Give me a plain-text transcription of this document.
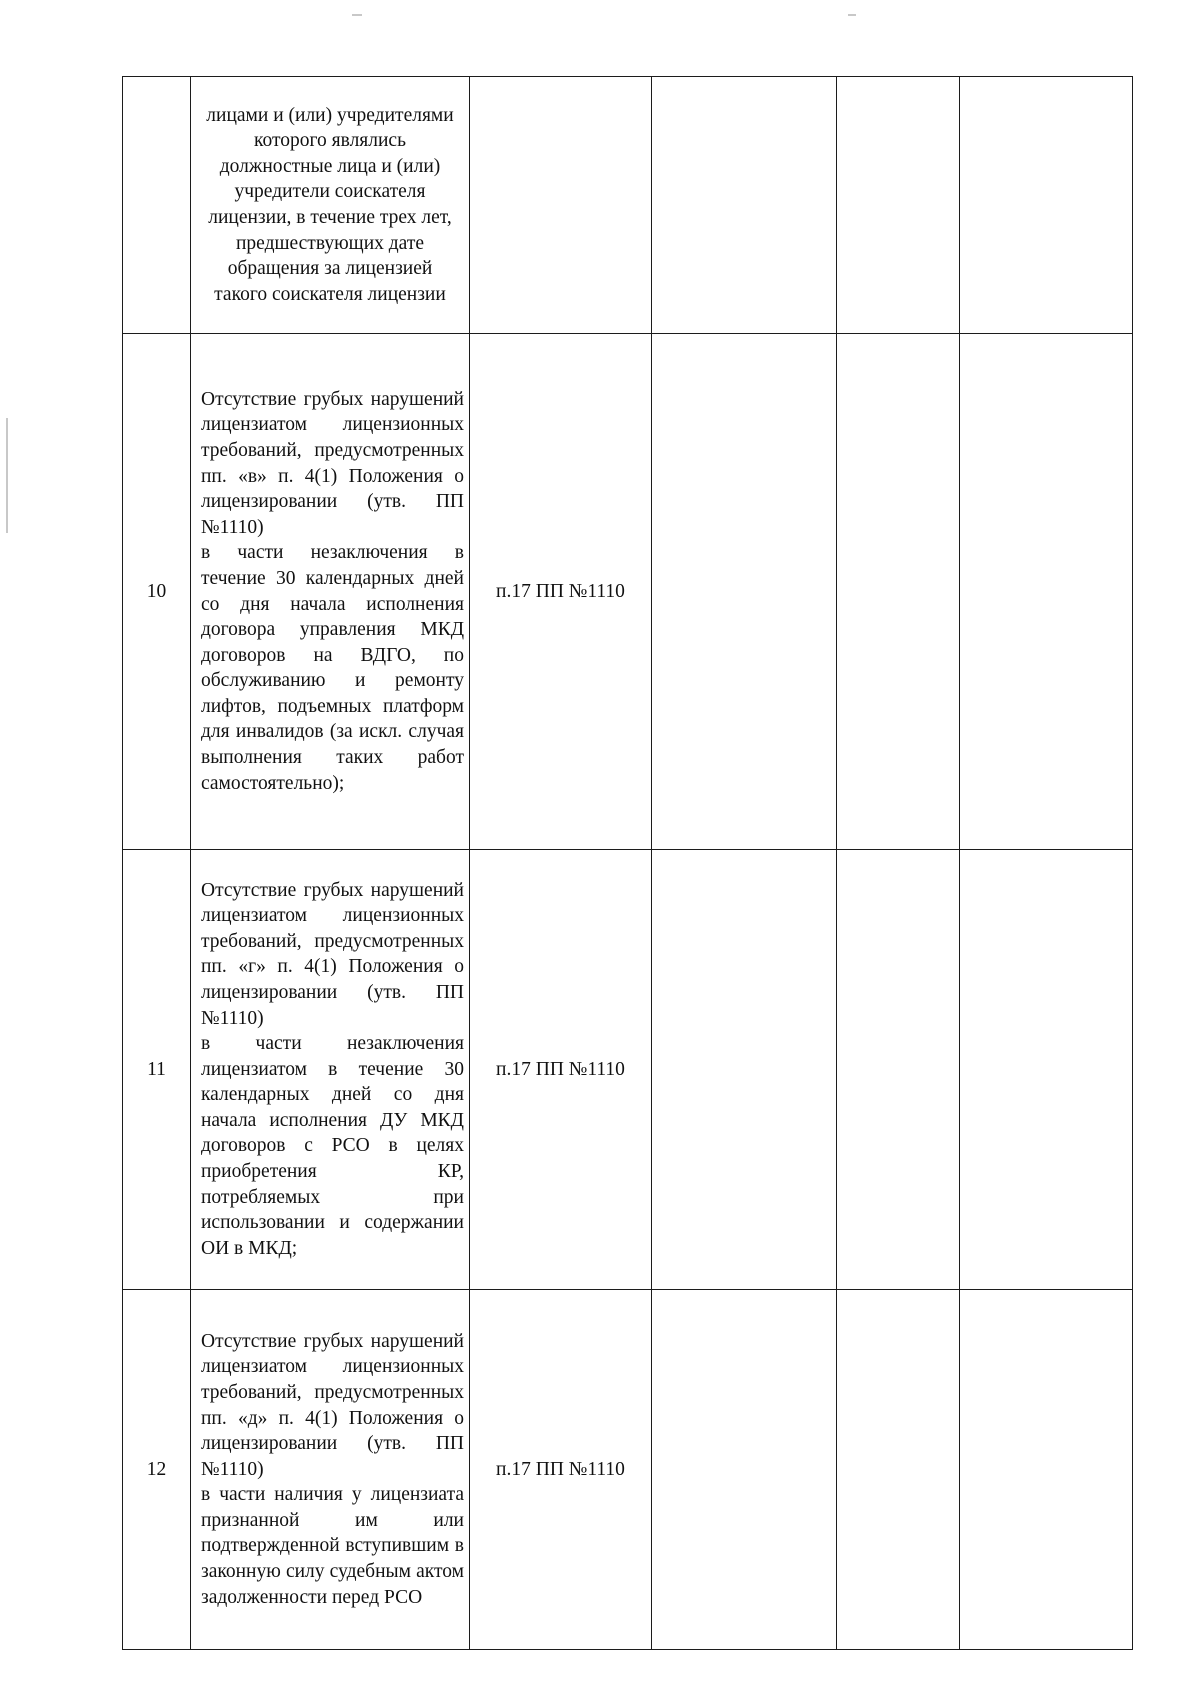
	лицами и (или) учредителями которого являлись должностные лица и (или) учредители соискателя лицензии, в течение трех лет, предшествующих дате обращения за лицензией такого соискателя лицензии				
10	Отсутствие грубых нарушений лицензиатом лицензионных требований, предусмотренных пп. «в» п. 4(1) Положения о лицензировании (утв. ПП №1110)
в части незаключения в течение 30 календарных дней со дня начала исполнения договора управления МКД договоров на ВДГО, по обслуживанию и ремонту лифтов, подъемных платформ для инвалидов (за искл. случая выполнения таких работ самостоятельно);	п.17 ПП №1110			
11	Отсутствие грубых нарушений лицензиатом лицензионных требований, предусмотренных пп. «г» п. 4(1) Положения о лицензировании (утв. ПП №1110)
в части незаключения лицензиатом в течение 30 календарных дней со дня начала исполнения ДУ МКД договоров с РСО в целях приобретения КР, потребляемых при использовании и содержании ОИ в МКД;	п.17 ПП №1110			
12	Отсутствие грубых нарушений лицензиатом лицензионных требований, предусмотренных пп. «д» п. 4(1) Положения о лицензировании (утв. ПП №1110)
в части наличия у лицензиата признанной им или подтвержденной вступившим в законную силу судебным актом задолженности перед РСО	п.17 ПП №1110			
